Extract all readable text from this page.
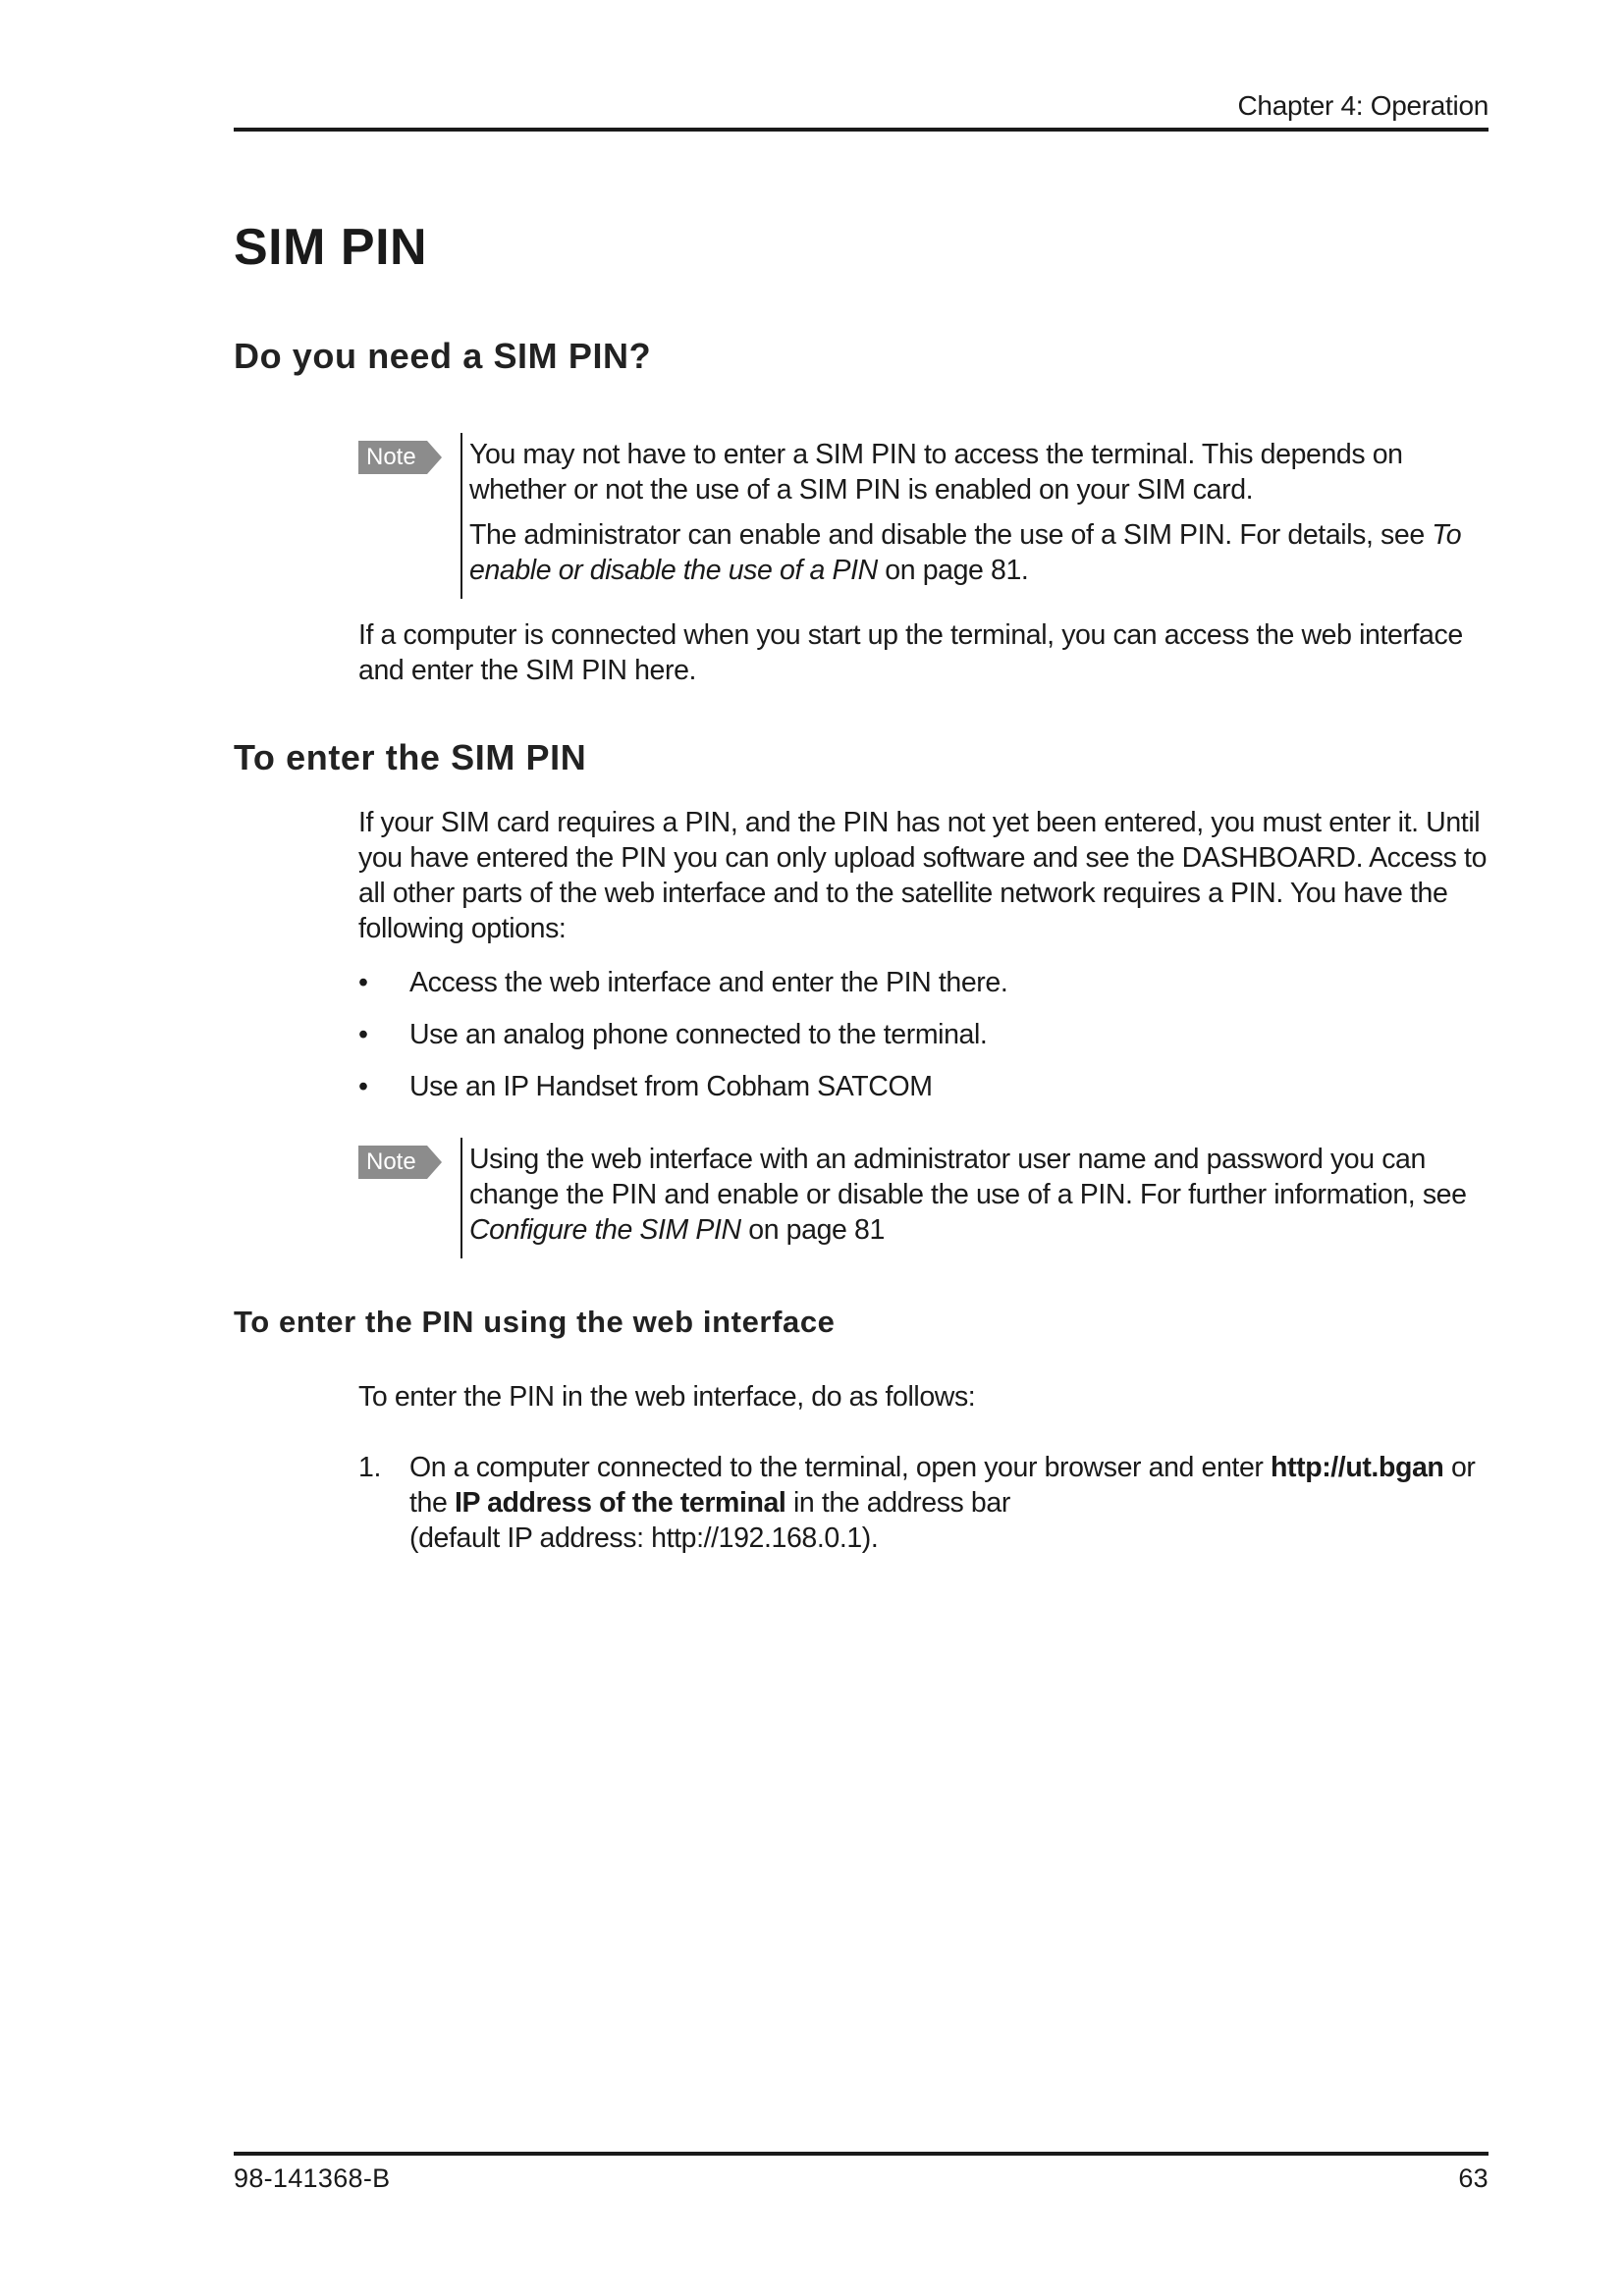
Chapter 4: Operation
SIM PIN
Do you need a SIM PIN?
Note	You may not have to enter a SIM PIN to access the terminal. This depends on whether or not the use of a SIM PIN is enabled on your SIM card.

The administrator can enable and disable the use of a SIM PIN. For details, see To enable or disable the use of a PIN on page 81.

If a computer is connected when you start up the terminal, you can access the web interface and enter the SIM PIN here.
To enter the SIM PIN
If your SIM card requires a PIN, and the PIN has not yet been entered, you must enter it. Until you have entered the PIN you can only upload software and see the DASHBOARD. Access to all other parts of the web interface and to the satellite network requires a PIN. You have the following options:
• Access the web interface and enter the PIN there.
• Use an analog phone connected to the terminal.
• Use an IP Handset from Cobham SATCOM
Note	Using the web interface with an administrator user name and password you can change the PIN and enable or disable the use of a PIN. For further information, see Configure the SIM PIN on page 81

To enter the PIN using the web interface
To enter the PIN in the web interface, do as follows:
1. On a computer connected to the terminal, open your browser and enter http://ut.bgan or the IP address of the terminal in the address bar
(default IP address: http://192.168.0.1).
98-141368-B	63
